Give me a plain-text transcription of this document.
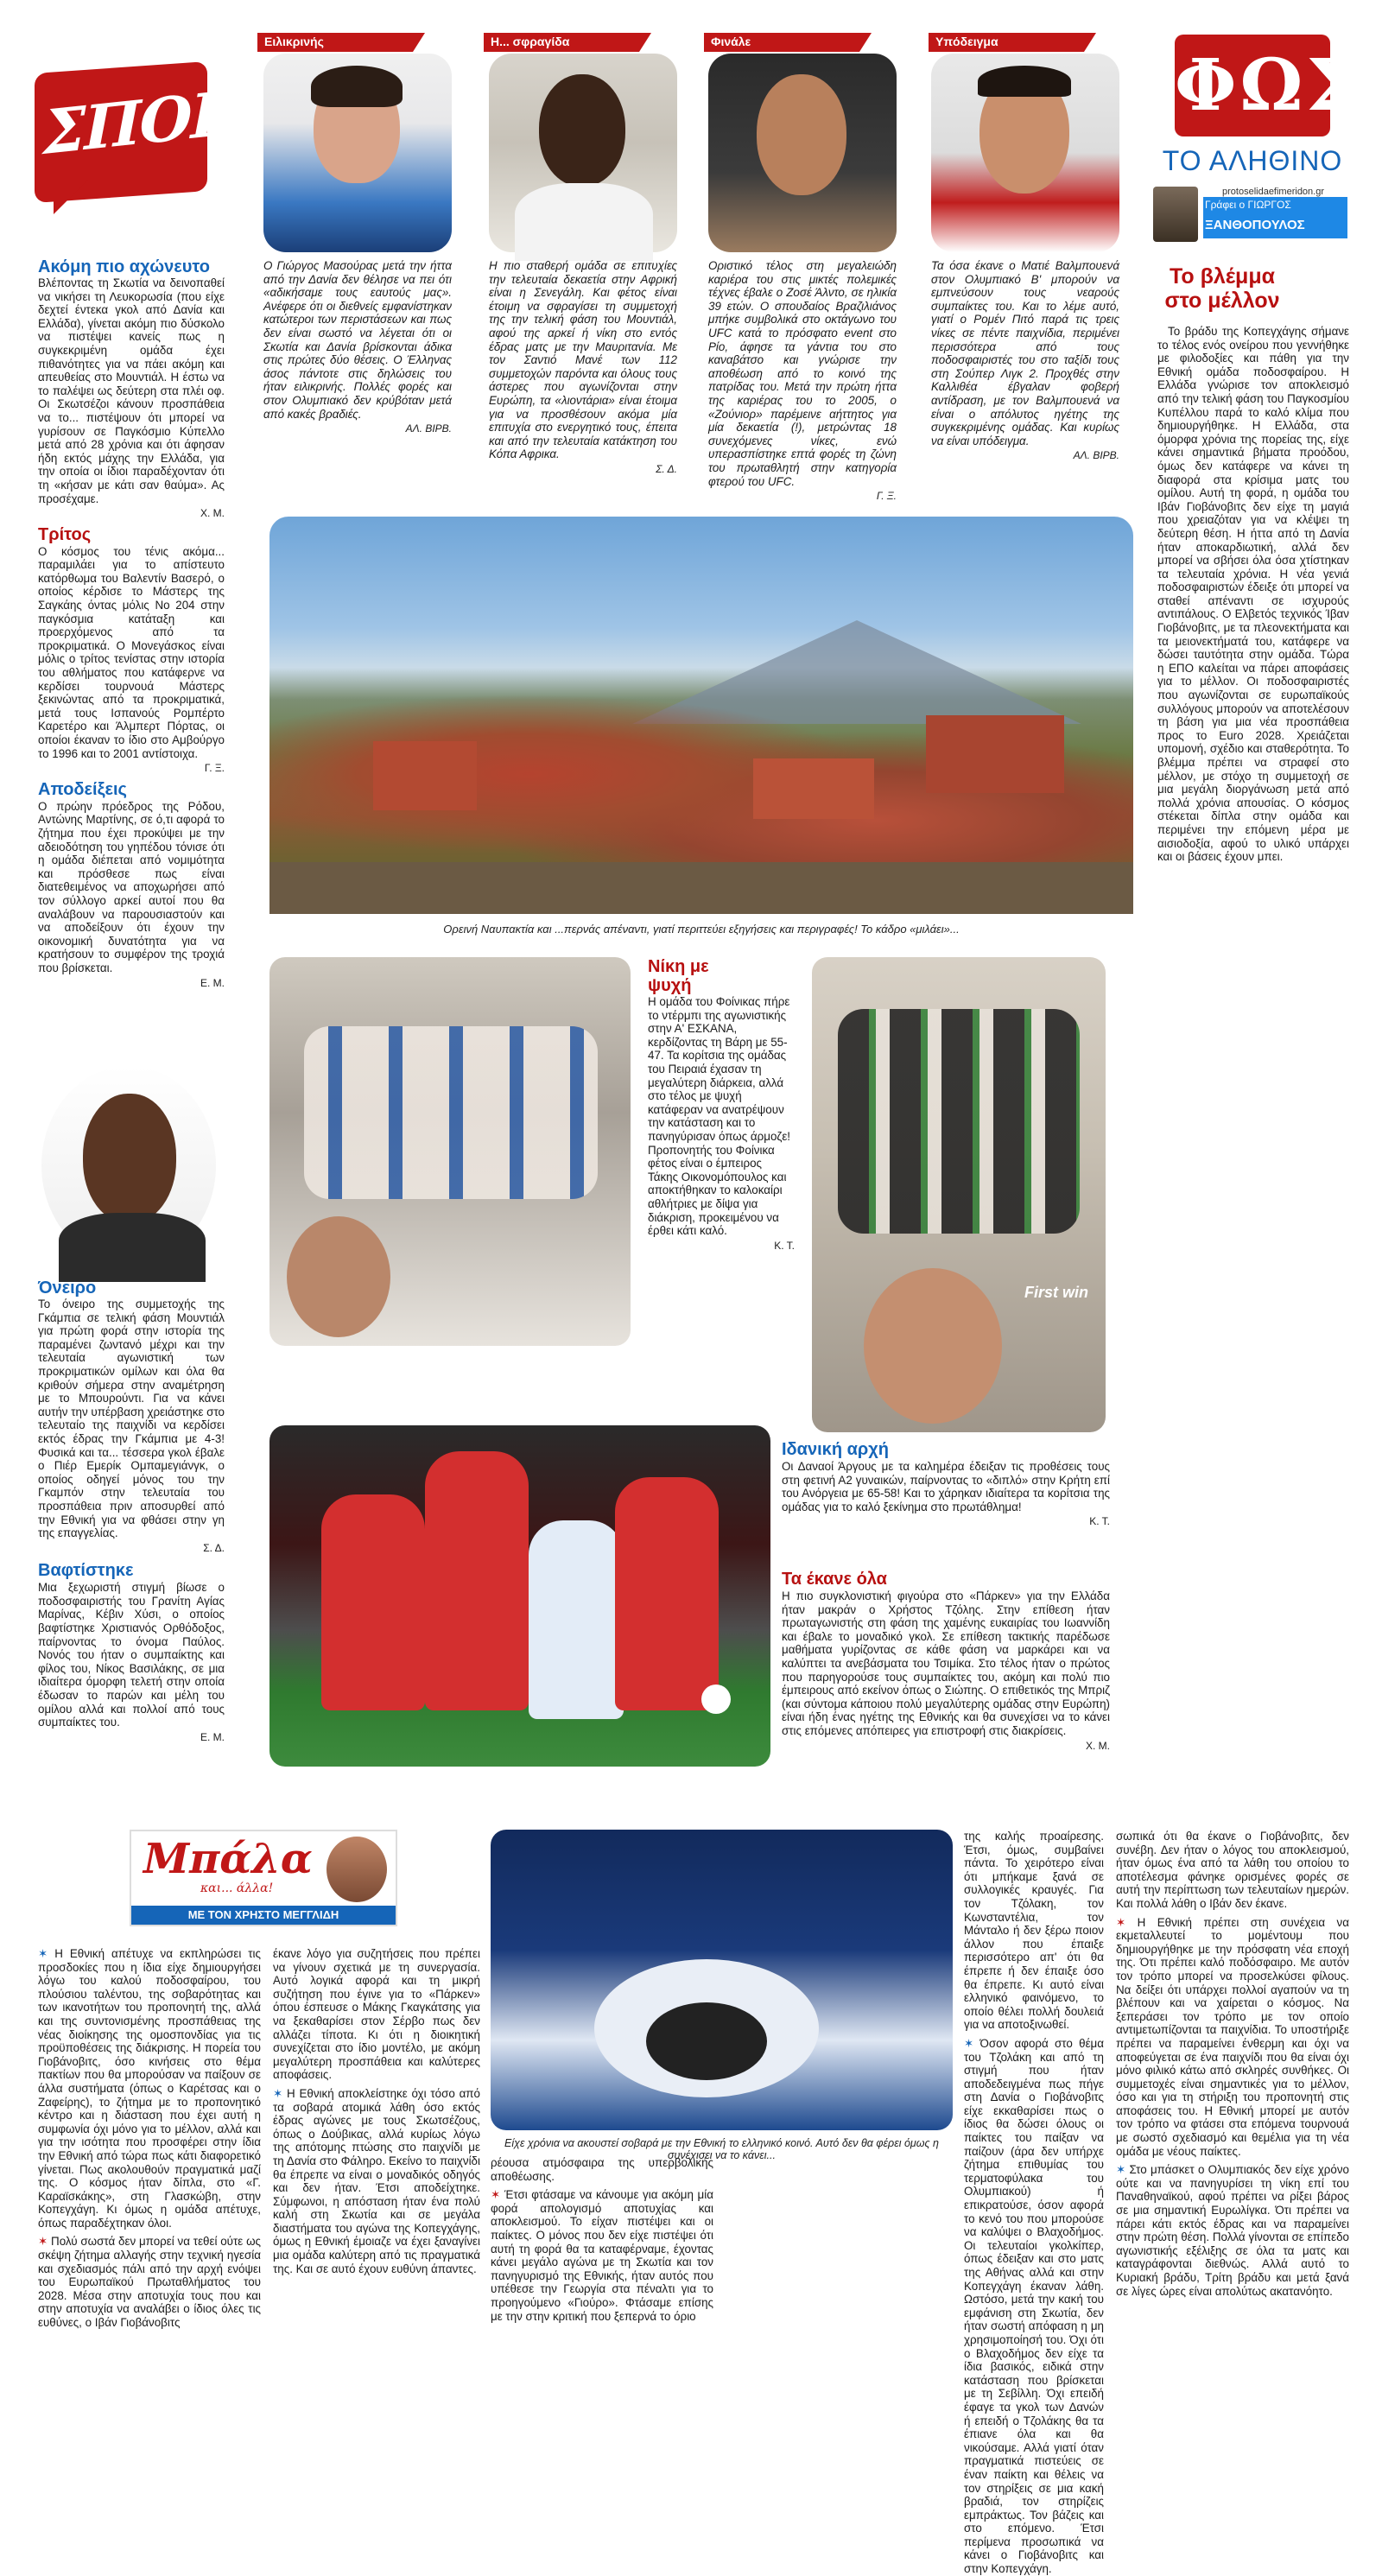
ΣΠΟΡ
Ειλικρινής
Ο Γιώργος Μασούρας μετά την ήττα από την Δανία δεν θέλησε να πει ότι «αδικήσαμε τους εαυτούς μας». Ανέφερε ότι οι διεθνείς εμφανίστηκαν κατώτεροι των περιστάσεων και πως δεν είναι σωστό να λέγεται ότι οι Σκωτία και Δανία βρίσκονται άδικα στις πρώτες δύο θέσεις. Ο Έλληνας άσος πάντοτε στις δηλώσεις του ήταν ειλικρινής. Πολλές φορές και στον Ολυμπιακό δεν κρύβόταν μετά από κακές βραδιές.
ΑΛ. ΒΙΡΒ.
Η... σφραγίδα
Η πιο σταθερή ομάδα σε επιτυχίες την τελευταία δεκαετία στην Αφρική είναι η Σενεγάλη. Και φέτος είναι έτοιμη να σφραγίσει τη συμμετοχή της την τελική φάση του Μουντιάλ, αφού της αρκεί ή νίκη στο εντός έδρας ματς με την Μαυριτανία. Με τον Σαντιό Μανέ των 112 συμμετοχών παρόντα και όλους τους άστερες που αγωνίζονται στην Ευρώπη, τα «λιοντάρια» είναι έτοιμα για να προσθέσουν ακόμα μία επιτυχία στο ενεργητικό τους, έπειτα και από την τελευταία κατάκτηση του Κόπα Αφρικα.
Σ. Δ.
Φινάλε
Οριστικό τέλος στη μεγαλειώδη καριέρα του στις μικτές πολεμικές τέχνες έβαλε ο Ζοσέ Άλντο, σε ηλικία 39 ετών. Ο σπουδαίος Βραζιλιάνος μπήκε συμβολικά στο οκτάγωνο του UFC κατά το πρόσφατο event στο Ρίο, άφησε τα γάντια του στο καναβάτσο και γνώρισε την αποθέωση από το κοινό της πατρίδας του. Μετά την πρώτη ήττα της καριέρας του το 2005, ο «Ζούνιορ» παρέμεινε αήττητος για μία δεκαετία (!), μετρώντας 18 συνεχόμενες νίκες, ενώ υπερασπίστηκε επτά φορές τη ζώνη του πρωταθλητή στην κατηγορία φτερού του UFC.
Γ. Ξ.
Υπόδειγμα
Τα όσα έκανε ο Ματιέ Βαλμπουενά στον Ολυμπιακό Β' μπορούν να εμπνεύσουν τους νεαρούς συμπαίκτες του. Και το λέμε αυτό, γιατί ο Ρομέν Πιτό παρά τις τρεις νίκες σε πέντε παιχνίδια, περιμένει περισσότερα από τους ποδοσφαιριστές του στο ταξίδι τους στη Σούπερ Λιγκ 2. Προχθές στην Καλλιθέα έβγαλαν φοβερή αντίδραση, με τον Βαλμπουενά να είναι ο απόλυτος ηγέτης της συγκεκριμένης ομάδας. Και κυρίως να είναι υπόδειγμα.
ΑΛ. ΒΙΡΒ.
ΦΩΣ
ΤΟ ΑΛΗΘΙΝΟ
Γράφει ο ΓΙΩΡΓΟΣ
protoselidaefimeridon.gr
ΞΑΝΘΟΠΟΥΛΟΣ
Ακόμη πιο αχώνευτο
Βλέποντας τη Σκωτία να δεινοπαθεί να νικήσει τη Λευκορωσία (που είχε δεχτεί έντεκα γκολ από Δανία και Ελλάδα), γίνεται ακόμη πιο δύσκολο να πιστέψει κανείς πως η συγκεκριμένη ομάδα έχει πιθανότητες για να πάει ακόμη και απευθείας στο Μουντιάλ. Η έστω να το παλέψει ως δεύτερη στα πλέι οφ. Οι Σκωτσέζοι κάνουν προσπάθεια να το... πιστέψουν ότι μπορεί να γυρίσουν σε Παγκόσμιο Κύπελλο μετά από 28 χρόνια και ότι άφησαν ήδη εκτός μάχης την Ελλάδα, για την οποία οι ίδιοι παραδέχονταν ότι τη «κήσαν με κάτι σαν θαύμα». Ας προσέχαμε.
Χ. Μ.
Τρίτος
Ο κόσμος του τένις ακόμα... παραμιλάει για το απίστευτο κατόρθωμα του Βαλεντίν Βασερό, ο οποίος κέρδισε το Μάστερς της Σαγκάης όντας μόλις Νο 204 στην παγκόσμια κατάταξη και προερχόμενος από τα προκριματικά. Ο Μονεγάσκος είναι μόλις ο τρίτος τενίστας στην ιστορία του αθλήματος που κατάφερνε να κερδίσει τουρνουά Μάστερς ξεκινώντας από τα προκριματικά, μετά τους Ισπανούς Ρομπέρτο Καρετέρο και Άλμπερτ Πόρτας, οι οποίοι έκαναν το ίδιο στο Αμβούργο το 1996 και το 2001 αντίστοιχα.
Γ. Ξ.
Αποδείξεις
Ο πρώην πρόεδρος της Ρόδου, Αντώνης Μαρτίνης, σε ό,τι αφορά το ζήτημα που έχει προκύψει με την αδειοδότηση του γηπέδου τόνισε ότι η ομάδα διέπεται από νομιμότητα και πρόσθεσε πως είναι διατεθειμένος να αποχωρήσει από τον σύλλογο αρκεί αυτοί που θα αναλάβουν να παρουσιαστούν και να αποδείξουν ότι έχουν την οικονομική δυνατότητα για να κρατήσουν το συμφέρον της τροχιά που βρίσκεται.
Ε. Μ.
Όνειρο
Το όνειρο της συμμετοχής της Γκάμπια σε τελική φάση Μουντιάλ για πρώτη φορά στην ιστορία της παραμένει ζωντανό μέχρι και την τελευταία αγωνιστική των προκριματικών ομίλων και όλα θα κριθούν σήμερα στην αναμέτρηση με το Μπουρούντι. Για να κάνει αυτήν την υπέρβαση χρειάστηκε στο τελευταίο της παιχνίδι να κερδίσει εκτός έδρας την Γκάμπια με 4-3! Φυσικά και τα... τέσσερα γκολ έβαλε ο Πιέρ Εμερίκ Ομπαμεγιάνγκ, ο οποίος οδηγεί μόνος του την Γκαμπόν στην τελευταία του προσπάθεια πριν αποσυρθεί από την Εθνική για να φθάσει στην γη της επαγγελίας.
Σ. Δ.
Βαφτίστηκε
Μια ξεχωριστή στιγμή βίωσε ο ποδοσφαιριστής του Γρανίτη Αγίας Μαρίνας, Κέβιν Χύσι, ο οποίος βαφτίστηκε Χριστιανός Ορθόδοξος, παίρνοντας το όνομα Παύλος. Νονός του ήταν ο συμπαίκτης και φίλος του, Νίκος Βασιλάκης, σε μια ιδιαίτερα όμορφη τελετή στην οποία έδωσαν το παρών και μέλη του ομίλου αλλά και πολλοί από τους συμπαίκτες του.
Ε. Μ.
Το βλέμμα στο μέλλον
Το βράδυ της Κοπεγχάγης σήμανε το τέλος ενός ονείρου που γεννήθηκε με φιλοδοξίες και πάθη για την Εθνική ομάδα ποδοσφαίρου. Η Ελλάδα γνώρισε τον αποκλεισμό από την τελική φάση του Παγκοσμίου Κυπέλλου παρά το καλό κλίμα που δημιουργήθηκε. Η Ελλάδα, στα όμορφα χρόνια της πορείας της, είχε κάνει σημαντικά βήματα προόδου, όμως δεν κατάφερε να κάνει τη διαφορά στα κρίσιμα ματς του ομίλου. Αυτή τη φορά, η ομάδα του Ιβάν Γιοβάνοβιτς δεν είχε τη μαγιά που χρειαζόταν για να κλέψει τη δεύτερη θέση. Η ήττα από τη Δανία ήταν αποκαρδιωτική, αλλά δεν μπορεί να σβήσει όλα όσα χτίστηκαν τα τελευταία χρόνια. Η νέα γενιά ποδοσφαιριστών έδειξε ότι μπορεί να σταθεί απέναντι σε ισχυρούς αντιπάλους. Ο Ελβετός τεχνικός Ίβαν Γιοβάνοβιτς, με τα πλεονεκτήματα και τα μειονεκτήματά του, κατάφερε να δώσει ταυτότητα στην ομάδα. Τώρα η ΕΠΟ καλείται να πάρει αποφάσεις για το μέλλον. Οι ποδοσφαιριστές που αγωνίζονται σε ευρωπαϊκούς συλλόγους μπορούν να αποτελέσουν τη βάση για μια νέα προσπάθεια προς το Euro 2028. Χρειάζεται υπομονή, σχέδιο και σταθερότητα. Το βλέμμα πρέπει να στραφεί στο μέλλον, με στόχο τη συμμετοχή σε μια μεγάλη διοργάνωση μετά από πολλά χρόνια απουσίας. Ο κόσμος στέκεται δίπλα στην ομάδα και περιμένει την επόμενη μέρα με αισιοδοξία, αφού το υλικό υπάρχει και οι βάσεις έχουν μπει.
Ορεινή Ναυπακτία και ...περνάς απέναντι, γιατί περιττεύει εξηγήσεις και περιγραφές! Το κάδρο «μιλάει»...
Νίκη με ψυχή
Η ομάδα του Φοίνικας πήρε το ντέρμπι της αγωνιστικής στην Α' ΕΣΚΑΝΑ, κερδίζοντας τη Βάρη με 55-47. Τα κορίτσια της ομάδας του Πειραιά έχασαν τη μεγαλύτερη διάρκεια, αλλά στο τέλος με ψυχή κατάφεραν να ανατρέψουν την κατάσταση και το πανηγύρισαν όπως άρμοζε! Προπονητής του Φοίνικα φέτος είναι ο έμπειρος Τάκης Οικονομόπουλος και αποκτήθηκαν το καλοκαίρι αθλήτριες με δίψα για διάκριση, προκειμένου να έρθει κάτι καλό.
Κ. Τ.
First win
Ιδανική αρχή
Οι Δαναοί Άργους με τα καλημέρα έδειξαν τις προθέσεις τους στη φετινή Α2 γυναικών, παίρνοντας το «διπλό» στην Κρήτη επί του Ανόργεια με 65-58! Και το χάρηκαν ιδιαίτερα τα κορίτσια της ομάδας για το καλό ξεκίνημα στο πρωτάθλημα!
Κ. Τ.
Τα έκανε όλα
Η πιο συγκλονιστική φιγούρα στο «Πάρκεν» για την Ελλάδα ήταν μακράν ο Χρήστος Τζόλης. Στην επίθεση ήταν πρωταγωνιστής στη φάση της χαμένης ευκαιρίας του Ιωαννίδη και έβαλε το μοναδικό γκολ. Σε επίθεση τακτικής παρέδωσε μαθήματα γυρίζοντας σε κάθε φάση να μαρκάρει και να καλύπτει τα ανεβάσματα του Τσιμίκα. Στο τέλος ήταν ο πρώτος που παρηγορούσε τους συμπαίκτες του, ακόμη και πολύ πιο έμπειρους από εκείνον όπως ο Σιώπης. Ο επιθετικός της Μπριζ (και σύντομα κάποιου πολύ μεγαλύτερης ομάδας στην Ευρώπη) είναι ήδη ένας ηγέτης της Εθνικής και θα συνεχίσει να το κάνει στις επόμενες απόπειρες για επιστροφή στις διακρίσεις.
Χ. Μ.
Μπάλα
και... άλλα!
ΜΕ ΤΟΝ ΧΡΗΣΤΟ ΜΕΓΓΛΙΔΗ
Είχε χρόνια να ακουστεί σοβαρά με την Εθνική το ελληνικό κοινό. Αυτό δεν θα φέρει όμως η συνέχισει να το κάνει...
✶ Η Εθνική απέτυχε να εκπληρώσει τις προσδοκίες που η ίδια είχε δημιουργήσει λόγω του καλού ποδοσφαίρου, του πλούσιου ταλέντου, της σοβαρότητας και των ικανοτήτων του προπονητή της, αλλά και της συντονισμένης προσπάθειας της νέας διοίκησης της ομοσπονδίας για τις προϋποθέσεις της διάκρισης. Η πορεία του Γιοβάνοβιτς, όσο κινήσεις στο θέμα πακτίων που θα μπορούσαν να παίξουν σε άλλα συστήματα (όπως ο Καρέτσας και ο Ζαφείρης), το ζήτημα με το προπονητικό κέντρο και η διάσταση που έχει αυτή η συμφωνία όχι μόνο για το μέλλον, αλλά και για την ισότητα που προσφέρει στην ίδια την Εθνική από τώρα πως κάτι διαφορετικό γίνεται. Πως ακολουθούν πραγματικά μαζί της. Ο κόσμος ήταν δίπλα, στο «Γ. Καραϊσκάκης», στη Γλασκώβη, στην Κοπεγχάγη. Κι όμως η ομάδα απέτυχε, όπως παραδέχτηκαν όλοι.
✶ Πολύ σωστά δεν μπορεί να τεθεί ούτε ως σκέψη ζήτημα αλλαγής στην τεχνική ηγεσία και σχεδιασμός πάλι από την αρχή ενόψει του Ευρωπαϊκού Πρωταθλήματος του 2028. Μέσα στην αποτυχία τους που και στην αποτυχία να αναλάβει ο ίδιος όλες τις ευθύνες, ο Ιβάν Γιοβάνοβιτς
έκανε λόγο για συζητήσεις που πρέπει να γίνουν σχετικά με τη συνεργασία. Αυτό λογικά αφορά και τη μικρή συζήτηση που έγινε για το «Πάρκεν» όπου έσπευσε ο Μάκης Γκαγκάτσης για να ξεκαθαρίσει στον Σέρβο πως δεν αλλάζει τίποτα. Κι ότι η διοικητική συνεχίζεται στο ίδιο μοντέλο, με ακόμη μεγαλύτερη προσπάθεια και καλύτερες αποφάσεις.
✶ Η Εθνική αποκλείστηκε όχι τόσο από τα σοβαρά ατομικά λάθη όσο εκτός έδρας αγώνες με τους Σκωτσέζους, όπως ο Δούβικας, αλλά κυρίως λόγω της απότομης πτώσης στο παιχνίδι με τη Δανία στο Φάληρο. Εκείνο το παιχνίδι θα έπρεπε να είναι ο μοναδικός οδηγός και δεν ήταν. Έτσι αποδείχτηκε. Σύμφωνοι, η απόσταση ήταν ένα πολύ καλή στη Σκωτία και σε μεγάλα διαστήματα του αγώνα της Κοπεγχάγης, όμως η Εθνική έμοιαζε να έχει ξαναγίνει μια ομάδα καλύτερη από τις πραγματικά της. Και σε αυτό έχουν ευθύνη άπαντες.
ρέουσα ατμόσφαιρα της υπερβολικής αποθέωσης.
✶ Έτσι φτάσαμε να κάνουμε για ακόμη μία φορά απολογισμό αποτυχίας και αποκλεισμού. Το είχαν πιστέψει και οι παίκτες. Ο μόνος που δεν είχε πιστέψει ότι αυτή τη φορά θα τα καταφέρναμε, έχοντας κάνει μεγάλο αγώνα με τη Σκωτία και τον πανηγυρισμό της Εθνικής, ήταν αυτός που υπέθεσε την Γεωργία στα πέναλτι για το προηγούμενο «Γιούρο». Φτάσαμε επίσης με την στην κριτική που ξεπερνά το όριο
της καλής προαίρεσης. Έτσι, όμως, συμβαίνει πάντα. Το χειρότερο είναι ότι μπήκαμε ξανά σε συλλογικές κραυγές. Για τον Τζόλακη, τον Κωνσταντέλια, τον Μάνταλο ή δεν ξέρω ποιον άλλον που έπαιξε περισσότερο απ' ότι θα έπρεπε ή δεν έπαιξε όσο θα έπρεπε. Κι αυτό είναι ελληνικό φαινόμενο, το οποίο θέλει πολλή δουλειά για να αποτοξινωθεί.
✶ Όσον αφορά στο θέμα του Τζολάκη και από τη στιγμή που ήταν αποδεδειγμένα πως πήγε στη Δανία ο Γιοβάνοβιτς είχε εκκαθαρίσει πως ο ίδιος θα δώσει όλους οι παίκτες του παίξαν να παίζουν (άρα δεν υπήρχε ζήτημα επιθυμίας του τερματοφύλακα του Ολυμπιακού) ή επικρατούσε, όσον αφορά το κενό του που μπορούσε να καλύψει ο Βλαχοδήμος. Οι τελευταίοι γκολκίπερ, όπως έδειξαν και στο ματς της Αθήνας αλλά και στην Κοπεγχάγη έκαναν λάθη. Ωστόσο, μετά την κακή του εμφάνιση στη Σκωτία, δεν ήταν σωστή απόφαση η μη χρησιμοποίησή του. Όχι ότι ο Βλαχοδήμος δεν είχε τα ίδια βασικός, ειδικά στην κατάσταση που βρίσκεται με τη Σεβίλλη. Όχι επειδή έφαγε τα γκολ των Δανών ή επειδή ο Τζολάκης θα τα έπιανε όλα και θα νικούσαμε. Αλλά γιατί όταν πραγματικά πιστεύεις σε έναν παίκτη και θέλεις να τον στηρίξεις σε μια κακή βραδιά, τον στηρίζεις εμπράκτως. Τον βάζεις και στο επόμενο. Έτσι περίμενα προσωπικά να κάνει ο Γιοβάνοβιτς και στην Κοπεγχάγη.
σωπικά ότι θα έκανε ο Γιοβάνοβιτς, δεν συνέβη. Δεν ήταν ο λόγος του αποκλεισμού, ήταν όμως ένα από τα λάθη του οποίου το αποτέλεσμα φάνηκε ορισμένες φορές σε αυτή την περίπτωση των τελευταίων ημερών. Και πολλά λάθη ο Ιβάν δεν έκανε.
✶ Η Εθνική πρέπει στη συνέχεια να εκμεταλλευτεί το μομέντουμ που δημιουργήθηκε με την πρόσφατη νέα εποχή της. Ότι πρέπει καλό ποδόσφαιρο. Με αυτόν τον τρόπο μπορεί να προσελκύσει φίλους. Να δείξει ότι υπάρχει πολλοί αγαπούν να τη βλέπουν και να χαίρεται ο κόσμος. Να ξεπεράσει τον τρόπο με τον οποίο αντιμετωπίζονται τα παιχνίδια. Το υποστήριξε πρέπει να παραμείνει ένθερμη και όχι να αποφεύγεται σε ένα παιχνίδι που θα είναι όχι μόνο φιλικό κάτω από σκληρές συνθήκες. Οι συμμετοχές είναι σημαντικές για το μέλλον, όσο και για τη στήριξη του προπονητή στις αποφάσεις του. Η Εθνική μπορεί με αυτόν τον τρόπο να φτάσει στα επόμενα τουρνουά με σωστό σχεδιασμό και θεμέλια για τη νέα ομάδα με νέους παίκτες.
✶ Στο μπάσκετ ο Ολυμπιακός δεν είχε χρόνο ούτε και να πανηγυρίσει τη νίκη επί του Παναθηναϊκού, αφού πρέπει να ρίξει βάρος σε μια σημαντική Ευρωλίγκα. Ότι πρέπει να πάρει κάτι εκτός έδρας και να παραμείνει στην πρώτη θέση. Πολλά γίνονται σε επίπεδο αγωνιστικής εξέλιξης σε όλα τα ματς και καταγράφονται διεθνώς. Αλλά αυτό το Κυριακή βράδυ, Τρίτη βράδυ και μετά ξανά σε λίγες ώρες είναι απολύτως ακατανόητο.
